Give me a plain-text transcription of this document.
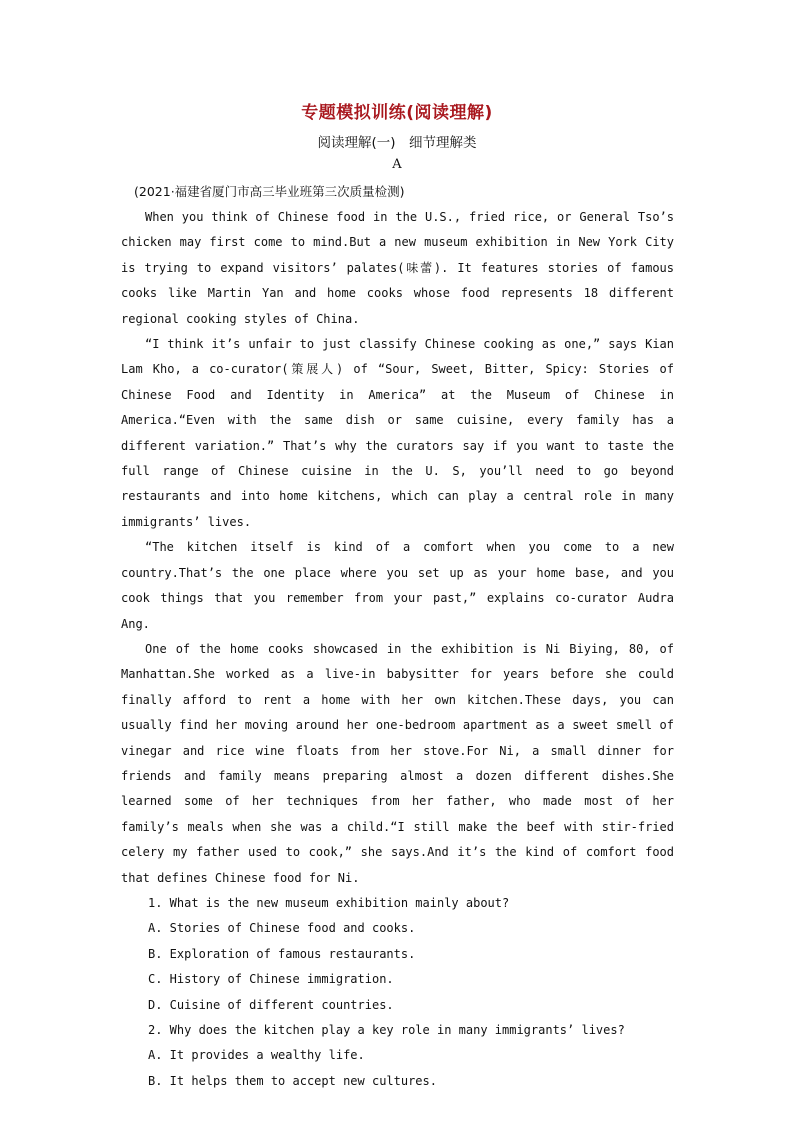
专题模拟训练(阅读理解)
阅读理解(一)　细节理解类
A
(2021·福建省厦门市高三毕业班第三次质量检测)

When you think of Chinese food in the U.S., fried rice, or General Tso’s chicken may first come to mind.But a new museum exhibition in New York City is trying to expand visitors’ palates(味蕾). It features stories of famous cooks like Martin Yan and home cooks whose food represents 18 different regional cooking styles of China.

“I think it’s unfair to just classify Chinese cooking as one,” says Kian Lam Kho, a co-curator(策展人) of “Sour, Sweet, Bitter, Spicy: Stories of Chinese Food and Identity in America” at the Museum of Chinese in America.“Even with the same dish or same cuisine, every family has a different variation.” That’s why the curators say if you want to taste the full range of Chinese cuisine in the U. S, you’ll need to go beyond restaurants and into home kitchens, which can play a central role in many immigrants’ lives.

“The kitchen itself is kind of a comfort when you come to a new country.That’s the one place where you set up as your home base, and you cook things that you remember from your past,” explains co-curator Audra Ang.

One of the home cooks showcased in the exhibition is Ni Biying, 80, of Manhattan.She worked as a live-in babysitter for years before she could finally afford to rent a home with her own kitchen.These days, you can usually find her moving around her one-bedroom apartment as a sweet smell of vinegar and rice wine floats from her stove.For Ni, a small dinner for friends and family means preparing almost a dozen different dishes.She learned some of her techniques from her father, who made most of her family’s meals when she was a child.“I still make the beef with stir-fried celery my father used to cook,” she says.And it’s the kind of comfort food that defines Chinese food for Ni.

1. What is the new museum exhibition mainly about?
A. Stories of Chinese food and cooks.
B. Exploration of famous restaurants.
C. History of Chinese immigration.
D. Cuisine of different countries.
2. Why does the kitchen play a key role in many immigrants’ lives?
A. It provides a wealthy life.
B. It helps them to accept new cultures.
